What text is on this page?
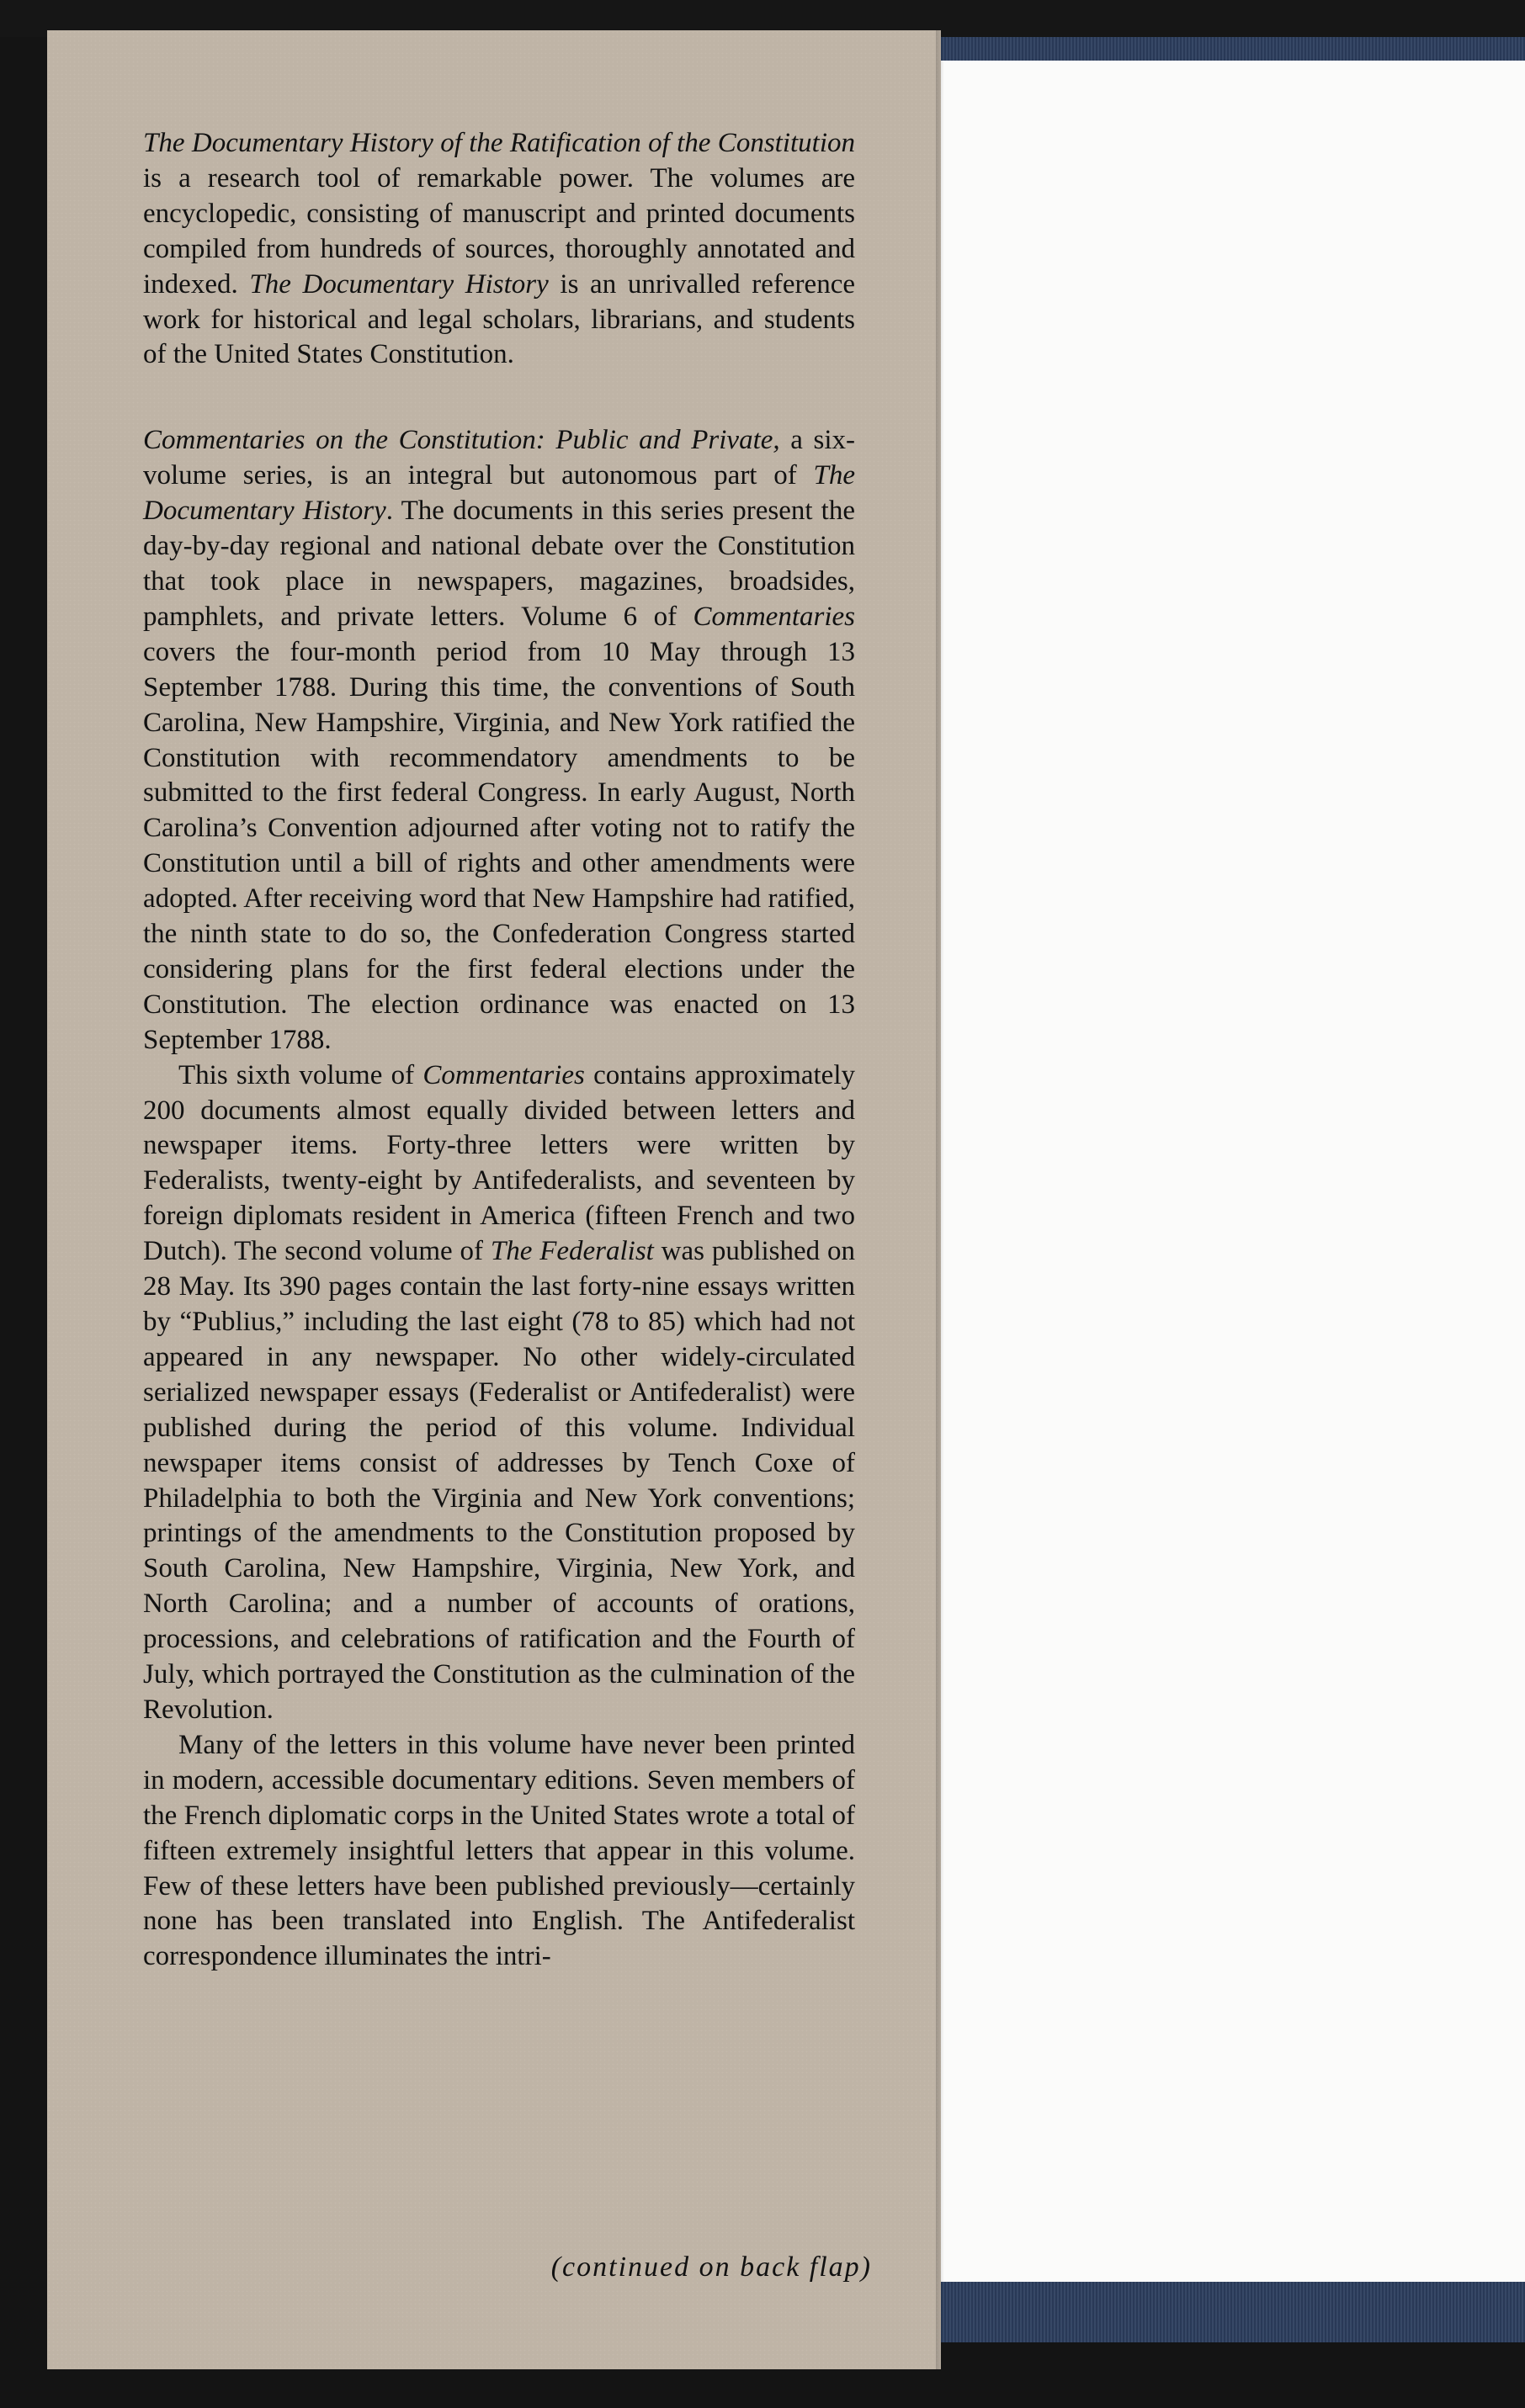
The Documentary History of the Ratification of the Constitution is a research tool of remarkable power. The volumes are encyclopedic, consisting of manuscript and printed documents compiled from hundreds of sources, thoroughly annotated and indexed. The Documentary History is an unrivalled reference work for historical and legal scholars, librarians, and students of the United States Constitution.

Commentaries on the Constitution: Public and Private, a six-volume series, is an integral but autonomous part of The Documentary History. The documents in this series present the day-by-day regional and national debate over the Constitution that took place in newspapers, magazines, broadsides, pamphlets, and private letters. Volume 6 of Commentaries covers the four-month period from 10 May through 13 September 1788. During this time, the conventions of South Carolina, New Hampshire, Virginia, and New York ratified the Constitution with recommendatory amendments to be submitted to the first federal Congress. In early August, North Carolina’s Convention adjourned after voting not to ratify the Constitution until a bill of rights and other amendments were adopted. After receiving word that New Hampshire had ratified, the ninth state to do so, the Confederation Congress started considering plans for the first federal elections under the Constitution. The election ordinance was enacted on 13 September 1788.

This sixth volume of Commentaries contains approximately 200 documents almost equally divided between letters and newspaper items. Forty-three letters were written by Federalists, twenty-eight by Antifederalists, and seventeen by foreign diplomats resident in America (fifteen French and two Dutch). The second volume of The Federalist was published on 28 May. Its 390 pages contain the last forty-nine essays written by “Publius,” including the last eight (78 to 85) which had not appeared in any newspaper. No other widely-circulated serialized newspaper essays (Federalist or Antifederalist) were published during the period of this volume. Individual newspaper items consist of addresses by Tench Coxe of Philadelphia to both the Virginia and New York conventions; printings of the amendments to the Constitution proposed by South Carolina, New Hampshire, Virginia, New York, and North Carolina; and a number of accounts of orations, processions, and celebrations of ratification and the Fourth of July, which portrayed the Constitution as the culmination of the Revolution.

Many of the letters in this volume have never been printed in modern, accessible documentary editions. Seven members of the French diplomatic corps in the United States wrote a total of fifteen extremely insightful letters that appear in this volume. Few of these letters have been published previously—certainly none has been translated into English. The Antifederalist correspondence illuminates the intri-

(continued on back flap)
